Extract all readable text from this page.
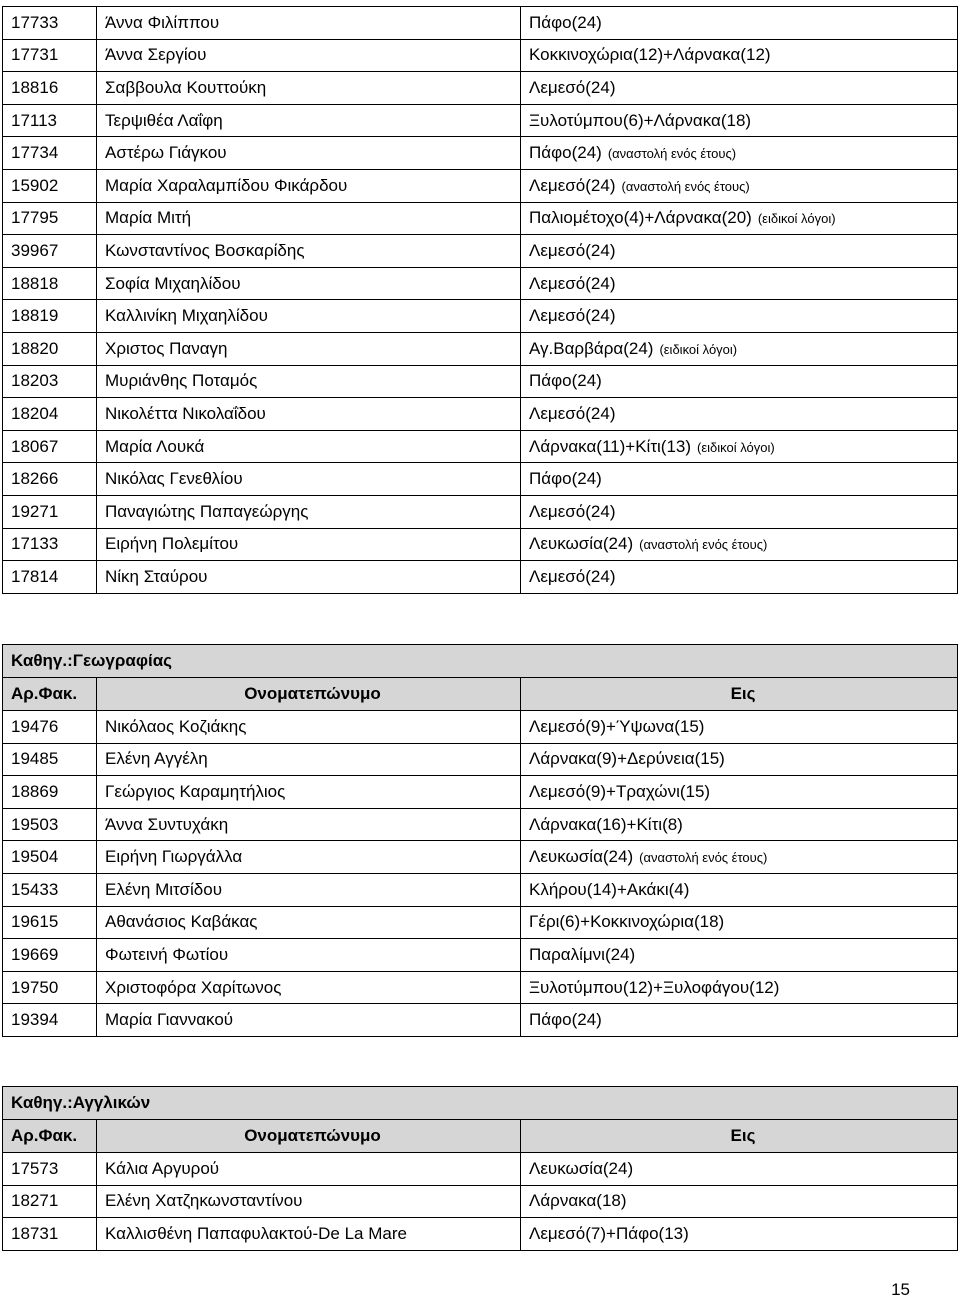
17733	Άννα Φιλίππου	Πάφο(24)
17731	Άννα Σεργίου	Κοκκινοχώρια(12)+Λάρνακα(12)
18816	Σαββουλα Κουττούκη	Λεμεσό(24)
17113	Τερψιθέα Λαΐφη	Ξυλοτύμπου(6)+Λάρνακα(18)
17734	Αστέρω Γιάγκου	Πάφο(24) (αναστολή ενός έτους)
15902	Μαρία Χαραλαμπίδου Φικάρδου	Λεμεσό(24) (αναστολή ενός έτους)
17795	Μαρία Μιτή	Παλιομέτοχο(4)+Λάρνακα(20) (ειδικοί λόγοι)
39967	Κωνσταντίνος Βοσκαρίδης	Λεμεσό(24)
18818	Σοφία Μιχαηλίδου	Λεμεσό(24)
18819	Καλλινίκη Μιχαηλίδου	Λεμεσό(24)
18820	Χριστος Παναγη	Αγ.Βαρβάρα(24) (ειδικοί λόγοι)
18203	Μυριάνθης Ποταμός	Πάφο(24)
18204	Νικολέττα Νικολαΐδου	Λεμεσό(24)
18067	Μαρία Λουκά	Λάρνακα(11)+Κίτι(13) (ειδικοί λόγοι)
18266	Νικόλας Γενεθλίου	Πάφο(24)
19271	Παναγιώτης Παπαγεώργης	Λεμεσό(24)
17133	Ειρήνη Πολεμίτου	Λευκωσία(24) (αναστολή ενός έτους)
17814	Νίκη Σταύρου	Λεμεσό(24)
Καθηγ.:Γεωγραφίας		
Αρ.Φακ.	Ονοματεπώνυμο	Εις
19476	Νικόλαος Κοζιάκης	Λεμεσό(9)+Ύψωνα(15)
19485	Ελένη Αγγέλη	Λάρνακα(9)+Δερύνεια(15)
18869	Γεώργιος Καραμητήλιος	Λεμεσό(9)+Τραχώνι(15)
19503	Άννα Συντυχάκη	Λάρνακα(16)+Κίτι(8)
19504	Ειρήνη Γιωργάλλα	Λευκωσία(24) (αναστολή ενός έτους)
15433	Ελένη Μιτσίδου	Κλήρου(14)+Ακάκι(4)
19615	Αθανάσιος Καβάκας	Γέρι(6)+Κοκκινοχώρια(18)
19669	Φωτεινή Φωτίου	Παραλίμνι(24)
19750	Χριστοφόρα Χαρίτωνος	Ξυλοτύμπου(12)+Ξυλοφάγου(12)
19394	Μαρία Γιαννακού	Πάφο(24)
Καθηγ.:Αγγλικών		
Αρ.Φακ.	Ονοματεπώνυμο	Εις
17573	Κάλια Αργυρού	Λευκωσία(24)
18271	Ελένη Χατζηκωνσταντίνου	Λάρνακα(18)
18731	Καλλισθένη Παπαφυλακτού-De La Mare	Λεμεσό(7)+Πάφο(13)
15
